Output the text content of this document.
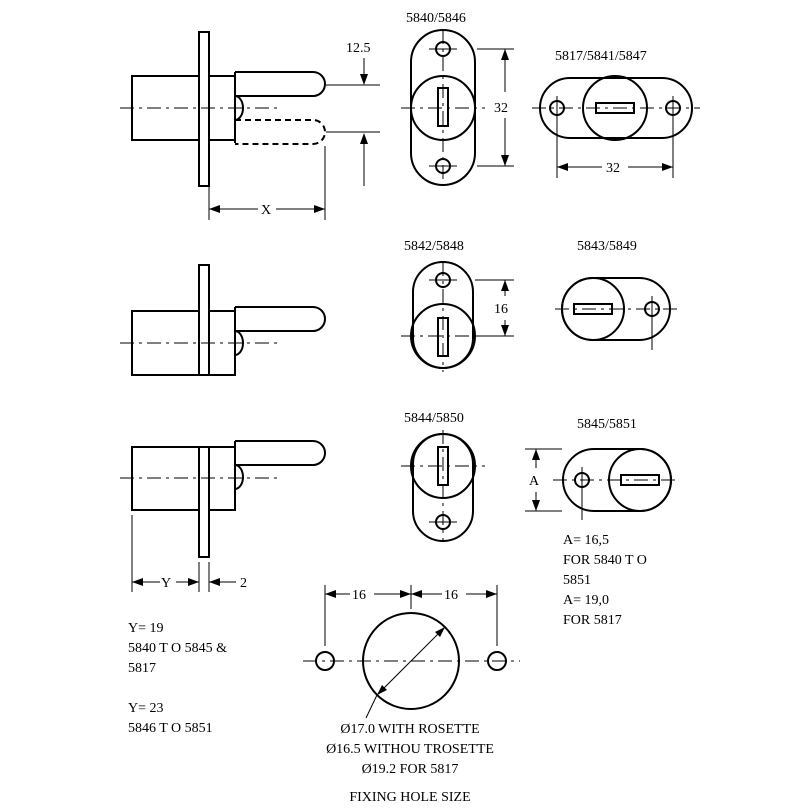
12.5
X
5840/5846
32
5817/5841/5847
32
5842/5848
16
5843/5849
Y	2
5844/5850	5845/5851
A
A= 16,5
FOR 5840 T O
5851
A= 19,0
FOR 5817
Y= 19
5840 T O 5845 &
5817
Y= 23
5846 T O 5851
16	16
Ø17.0 WITH ROSETTE
Ø16.5 WITHOU TROSETTE
Ø19.2 FOR 5817
FIXING HOLE SIZE
